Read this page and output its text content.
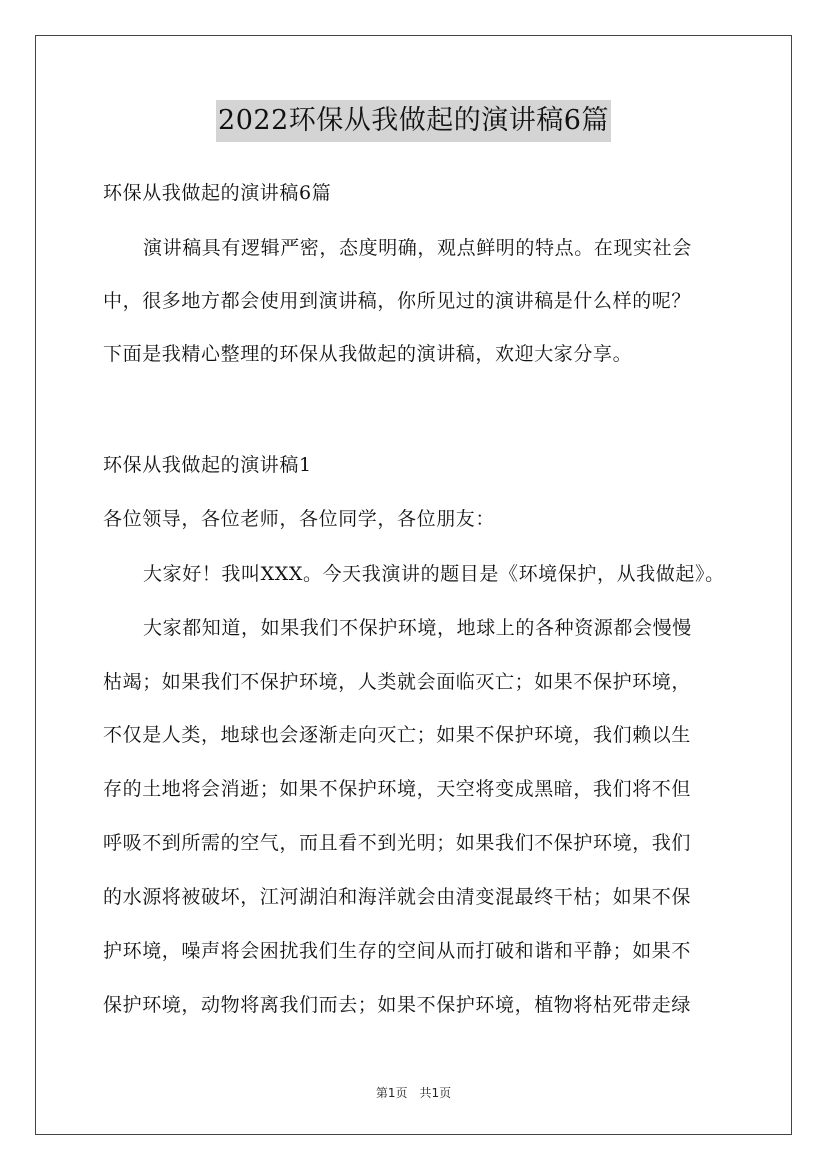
2022环保从我做起的演讲稿6篇
环保从我做起的演讲稿6篇
演讲稿具有逻辑严密，态度明确，观点鲜明的特点。在现实社会
中，很多地方都会使用到演讲稿，你所见过的演讲稿是什么样的呢？
下面是我精心整理的环保从我做起的演讲稿，欢迎大家分享。
环保从我做起的演讲稿1
各位领导，各位老师，各位同学，各位朋友：
大家好！我叫XXX。今天我演讲的题目是《环境保护，从我做起》。
大家都知道，如果我们不保护环境，地球上的各种资源都会慢慢
枯竭；如果我们不保护环境，人类就会面临灭亡；如果不保护环境，
不仅是人类，地球也会逐渐走向灭亡；如果不保护环境，我们赖以生
存的土地将会消逝；如果不保护环境，天空将变成黑暗，我们将不但
呼吸不到所需的空气，而且看不到光明；如果我们不保护环境，我们
的水源将被破坏，江河湖泊和海洋就会由清变混最终干枯；如果不保
护环境，噪声将会困扰我们生存的空间从而打破和谐和平静；如果不
保护环境，动物将离我们而去；如果不保护环境，植物将枯死带走绿
第1页　共1页
